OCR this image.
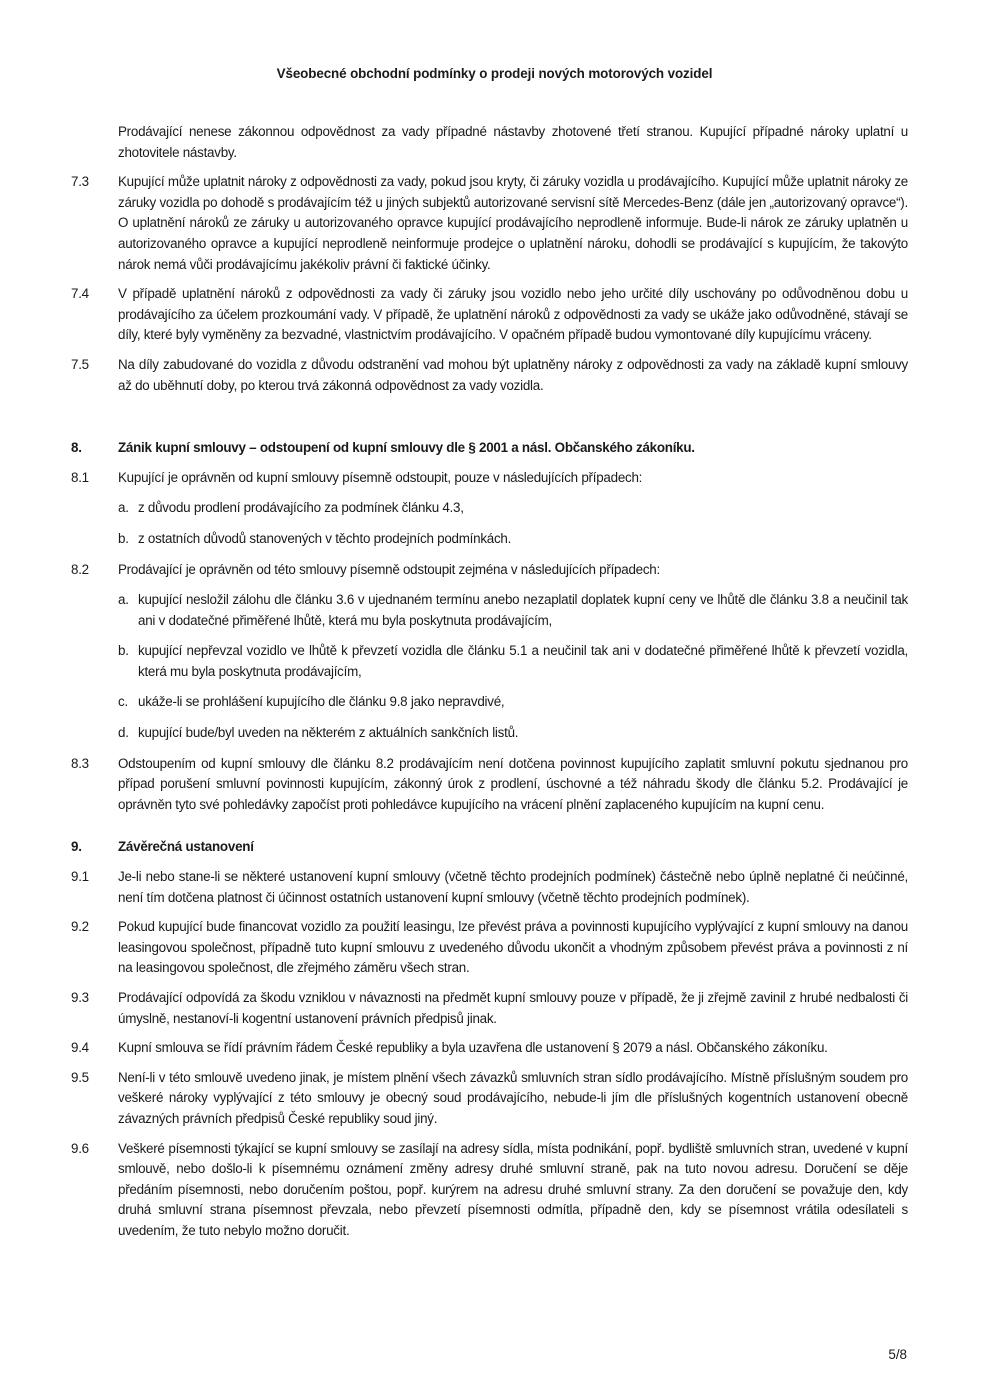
Všeobecné obchodní podmínky o prodeji nových motorových vozidel
Prodávající nenese zákonnou odpovědnost za vady případné nástavby zhotovené třetí stranou. Kupující případné nároky uplatní u zhotovitele nástavby.
7.3	Kupující může uplatnit nároky z odpovědnosti za vady, pokud jsou kryty, či záruky vozidla u prodávajícího. Kupující může uplatnit nároky ze záruky vozidla po dohodě s prodávajícím též u jiných subjektů autorizované servisní sítě Mercedes-Benz (dále jen „autorizovaný opravce“). O uplatnění nároků ze záruky u autorizovaného opravce kupující prodávajícího neprodleně informuje. Bude-li nárok ze záruky uplatněn u autorizovaného opravce a kupující neprodleně neinformuje prodejce o uplatnění nároku, dohodli se prodávající s kupujícím, že takovýto nárok nemá vůči prodávajícímu jakékoliv právní či faktické účinky.
7.4	V případě uplatnění nároků z odpovědnosti za vady či záruky jsou vozidlo nebo jeho určité díly uschovány po odůvodněnou dobu u prodávajícího za účelem prozkoumání vady. V případě, že uplatnění nároků z odpovědnosti za vady se ukáže jako odůvodněné, stávají se díly, které byly vyměněny za bezvadné, vlastnictvím prodávajícího. V opačném případě budou vymontované díly kupujícímu vráceny.
7.5	Na díly zabudované do vozidla z důvodu odstranění vad mohou být uplatněny nároky z odpovědnosti za vady na základě kupní smlouvy až do uběhnutí doby, po kterou trvá zákonná odpovědnost za vady vozidla.
8.	Zánik kupní smlouvy – odstoupení od kupní smlouvy dle § 2001 a násl. Občanského zákoníku.
8.1	Kupující je oprávněn od kupní smlouvy písemně odstoupit, pouze v následujících případech:
a. z důvodu prodlení prodávajícího za podmínek článku 4.3,
b. z ostatních důvodů stanovených v těchto prodejních podmínkách.
8.2	Prodávající je oprávněn od této smlouvy písemně odstoupit zejména v následujících případech:
a. kupující nesložil zálohu dle článku 3.6 v ujednaném termínu anebo nezaplatil doplatek kupní ceny ve lhůtě dle článku 3.8 a neučinil tak ani v dodatečné přiměřené lhůtě, která mu byla poskytnuta prodávajícím,
b. kupující nepřevzal vozidlo ve lhůtě k převzetí vozidla dle článku 5.1 a neučinil tak ani v dodatečné přiměřené lhůtě k převzetí vozidla, která mu byla poskytnuta prodávajícím,
c. ukáže-li se prohlášení kupujícího dle článku 9.8 jako nepravdivé,
d. kupující bude/byl uveden na některém z aktuálních sankčních listů.
8.3	Odstoupením od kupní smlouvy dle článku 8.2 prodávajícím není dotčena povinnost kupujícího zaplatit smluvní pokutu sjednanou pro případ porušení smluvní povinnosti kupujícím, zákonný úrok z prodlení, úschovné a též náhradu škody dle článku 5.2. Prodávající je oprávněn tyto své pohledávky započíst proti pohledávce kupujícího na vrácení plnění zaplaceného kupujícím na kupní cenu.
9.	Závěrečná ustanovení
9.1	Je-li nebo stane-li se některé ustanovení kupní smlouvy (včetně těchto prodejních podmínek) částečně nebo úplně neplatné či neúčinné, není tím dotčena platnost či účinnost ostatních ustanovení kupní smlouvy (včetně těchto prodejních podmínek).
9.2	Pokud kupující bude financovat vozidlo za použití leasingu, lze převést práva a povinnosti kupujícího vyplývající z kupní smlouvy na danou leasingovou společnost, případně tuto kupní smlouvu z uvedeného důvodu ukončit a vhodným způsobem převést práva a povinnosti z ní na leasingovou společnost, dle zřejmého záměru všech stran.
9.3	Prodávající odpovídá za škodu vzniklou v návaznosti na předmět kupní smlouvy pouze v případě, že ji zřejmě zavinil z hrubé nedbalosti či úmyslně, nestanoví-li kogentní ustanovení právních předpisů jinak.
9.4	Kupní smlouva se řídí právním řádem České republiky a byla uzavřena dle ustanovení § 2079 a násl. Občanského zákoníku.
9.5	Není-li v této smlouvě uvedeno jinak, je místem plnění všech závazků smluvních stran sídlo prodávajícího. Místně příslušným soudem pro veškeré nároky vyplývající z této smlouvy je obecný soud prodávajícího, nebude-li jím dle příslušných kogentních ustanovení obecně závazných právních předpisů České republiky soud jiný.
9.6	Veškeré písemnosti týkající se kupní smlouvy se zasílají na adresy sídla, místa podnikání, popř. bydliště smluvních stran, uvedené v kupní smlouvě, nebo došlo-li k písemnému oznámení změny adresy druhé smluvní straně, pak na tuto novou adresu. Doručení se děje předáním písemnosti, nebo doručením poštou, popř. kurýrem na adresu druhé smluvní strany. Za den doručení se považuje den, kdy druhá smluvní strana písemnost převzala, nebo převzetí písemnosti odmítla, případně den, kdy se písemnost vrátila odesílateli s uvedením, že tuto nebylo možno doručit.
5/8
